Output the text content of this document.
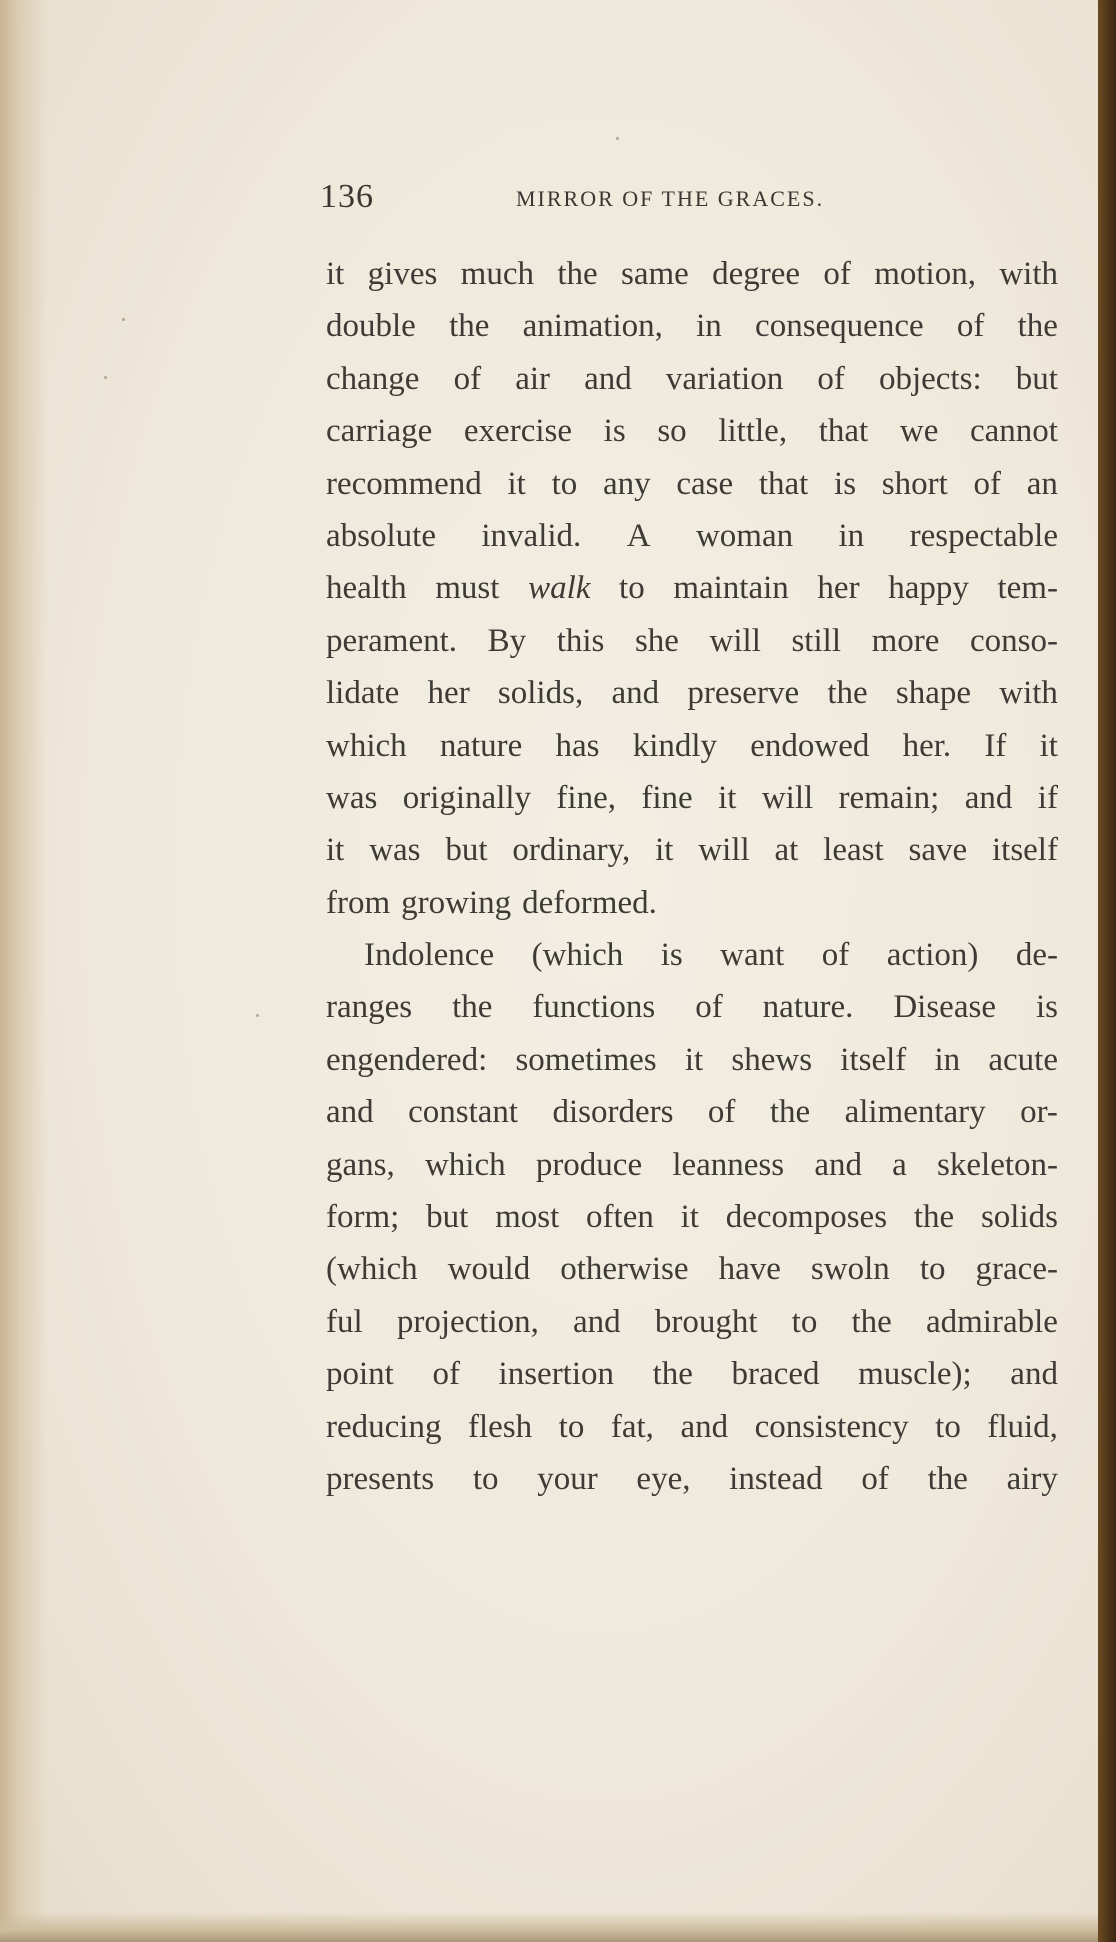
136	MIRROR OF THE GRACES.
it gives much the same degree of motion, with
double the animation, in consequence of the
change of air and variation of objects: but
carriage exercise is so little, that we cannot
recommend it to any case that is short of an
absolute invalid. A woman in respectable
health must walk to maintain her happy tem-
perament. By this she will still more conso-
lidate her solids, and preserve the shape with
which nature has kindly endowed her. If it
was originally fine, fine it will remain; and if
it was but ordinary, it will at least save itself
from growing deformed.
Indolence (which is want of action) de-
ranges the functions of nature. Disease is
engendered: sometimes it shews itself in acute
and constant disorders of the alimentary or-
gans, which produce leanness and a skeleton-
form; but most often it decomposes the solids
(which would otherwise have swoln to grace-
ful projection, and brought to the admirable
point of insertion the braced muscle); and
reducing flesh to fat, and consistency to fluid,
presents to your eye, instead of the airy
